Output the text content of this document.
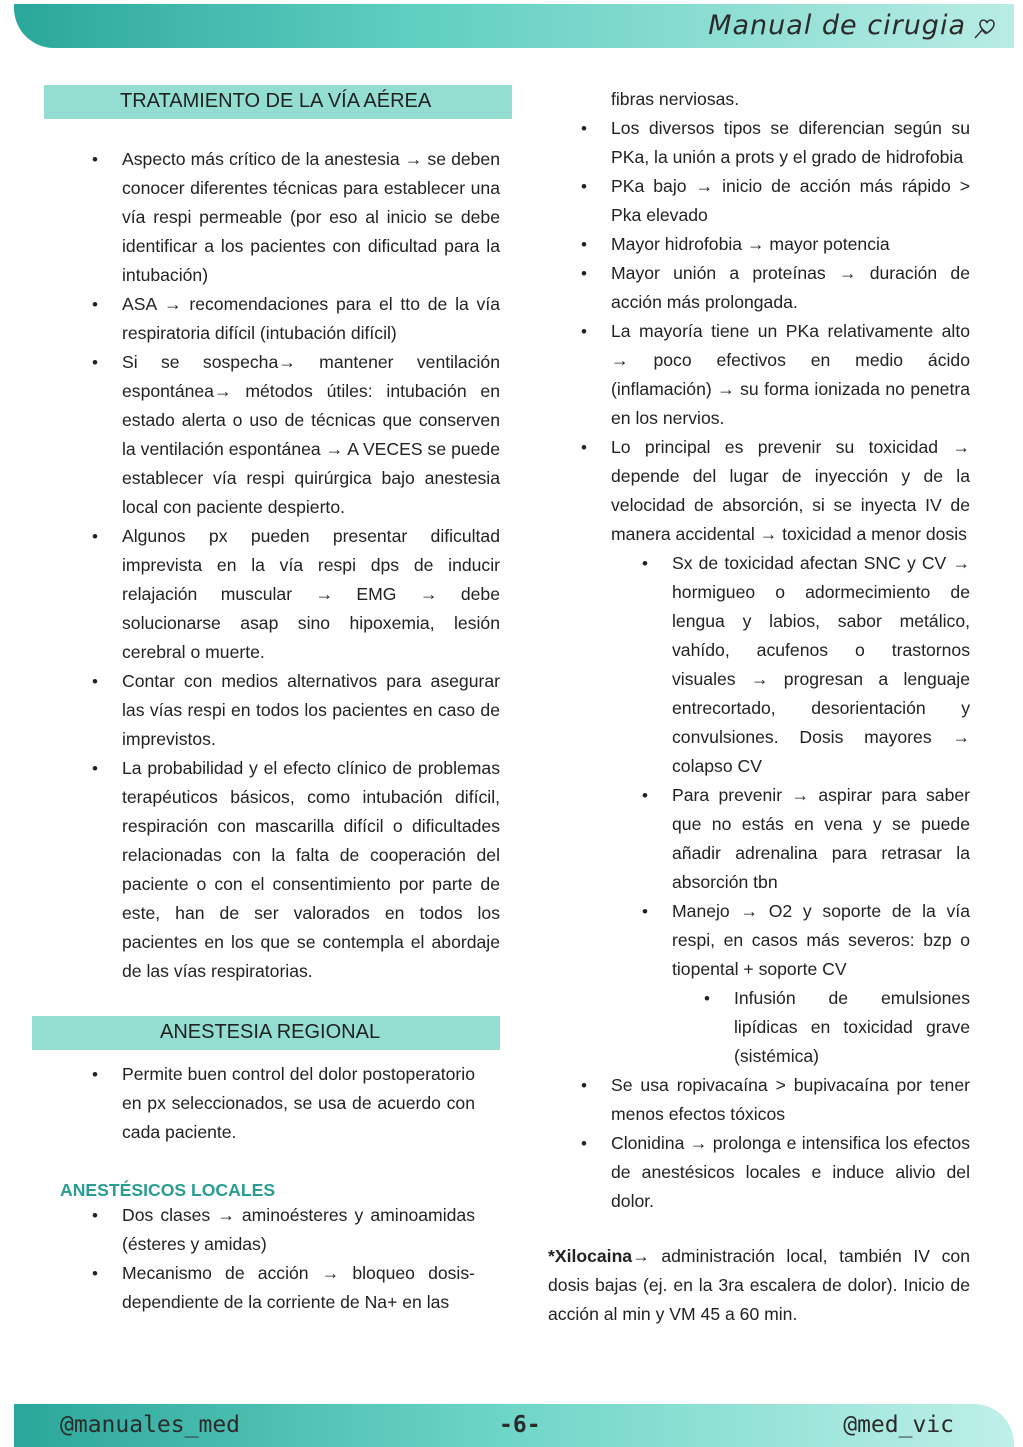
Manual de cirugia
TRATAMIENTO DE LA VÍA AÉREA
• Aspecto más crítico de la anestesia → se deben conocer diferentes técnicas para establecer una vía respi permeable (por eso al inicio se debe identificar a los pacientes con dificultad para la intubación)
• ASA → recomendaciones para el tto de la vía respiratoria difícil (intubación difícil)
• Si se sospecha→ mantener ventilación espontánea→ métodos útiles: intubación en estado alerta o uso de técnicas que conserven la ventilación espontánea → A VECES se puede establecer vía respi quirúrgica bajo anestesia local con paciente despierto.
• Algunos px pueden presentar dificultad imprevista en la vía respi dps de inducir relajación muscular → EMG → debe solucionarse asap sino hipoxemia, lesión cerebral o muerte.
• Contar con medios alternativos para asegurar las vías respi en todos los pacientes en caso de imprevistos.
• La probabilidad y el efecto clínico de problemas terapéuticos básicos, como intubación difícil, respiración con mascarilla difícil o dificultades relacionadas con la falta de cooperación del paciente o con el consentimiento por parte de este, han de ser valorados en todos los pacientes en los que se contempla el abordaje de las vías respiratorias.
ANESTESIA REGIONAL
• Permite buen control del dolor postoperatorio en px seleccionados, se usa de acuerdo con cada paciente.
ANESTÉSICOS LOCALES
• Dos clases → aminoésteres y aminoamidas (ésteres y amidas)
• Mecanismo de acción → bloqueo dosis-dependiente de la corriente de Na+ en las
fibras nerviosas.
• Los diversos tipos se diferencian según su PKa, la unión a prots y el grado de hidrofobia
• PKa bajo → inicio de acción más rápido > Pka elevado
• Mayor hidrofobia → mayor potencia
• Mayor unión a proteínas → duración de acción más prolongada.
• La mayoría tiene un PKa relativamente alto → poco efectivos en medio ácido (inflamación) → su forma ionizada no penetra en los nervios.
• Lo principal es prevenir su toxicidad → depende del lugar de inyección y de la velocidad de absorción, si se inyecta IV de manera accidental → toxicidad a menor dosis
• Sx de toxicidad afectan SNC y CV → hormigueo o adormecimiento de lengua y labios, sabor metálico, vahído, acufenos o trastornos visuales → progresan a lenguaje entrecortado, desorientación y convulsiones. Dosis mayores → colapso CV
• Para prevenir → aspirar para saber que no estás en vena y se puede añadir adrenalina para retrasar la absorción tbn
• Manejo → O2 y soporte de la vía respi, en casos más severos: bzp o tiopental + soporte CV
• Infusión de emulsiones lipídicas en toxicidad grave (sistémica)
• Se usa ropivacaína > bupivacaína por tener menos efectos tóxicos
• Clonidina → prolonga e intensifica los efectos de anestésicos locales e induce alivio del dolor.
*Xilocaina→ administración local, también IV con dosis bajas (ej. en la 3ra escalera de dolor). Inicio de acción al min y VM 45 a 60 min.
@manuales_med	-6-	@med_vic
